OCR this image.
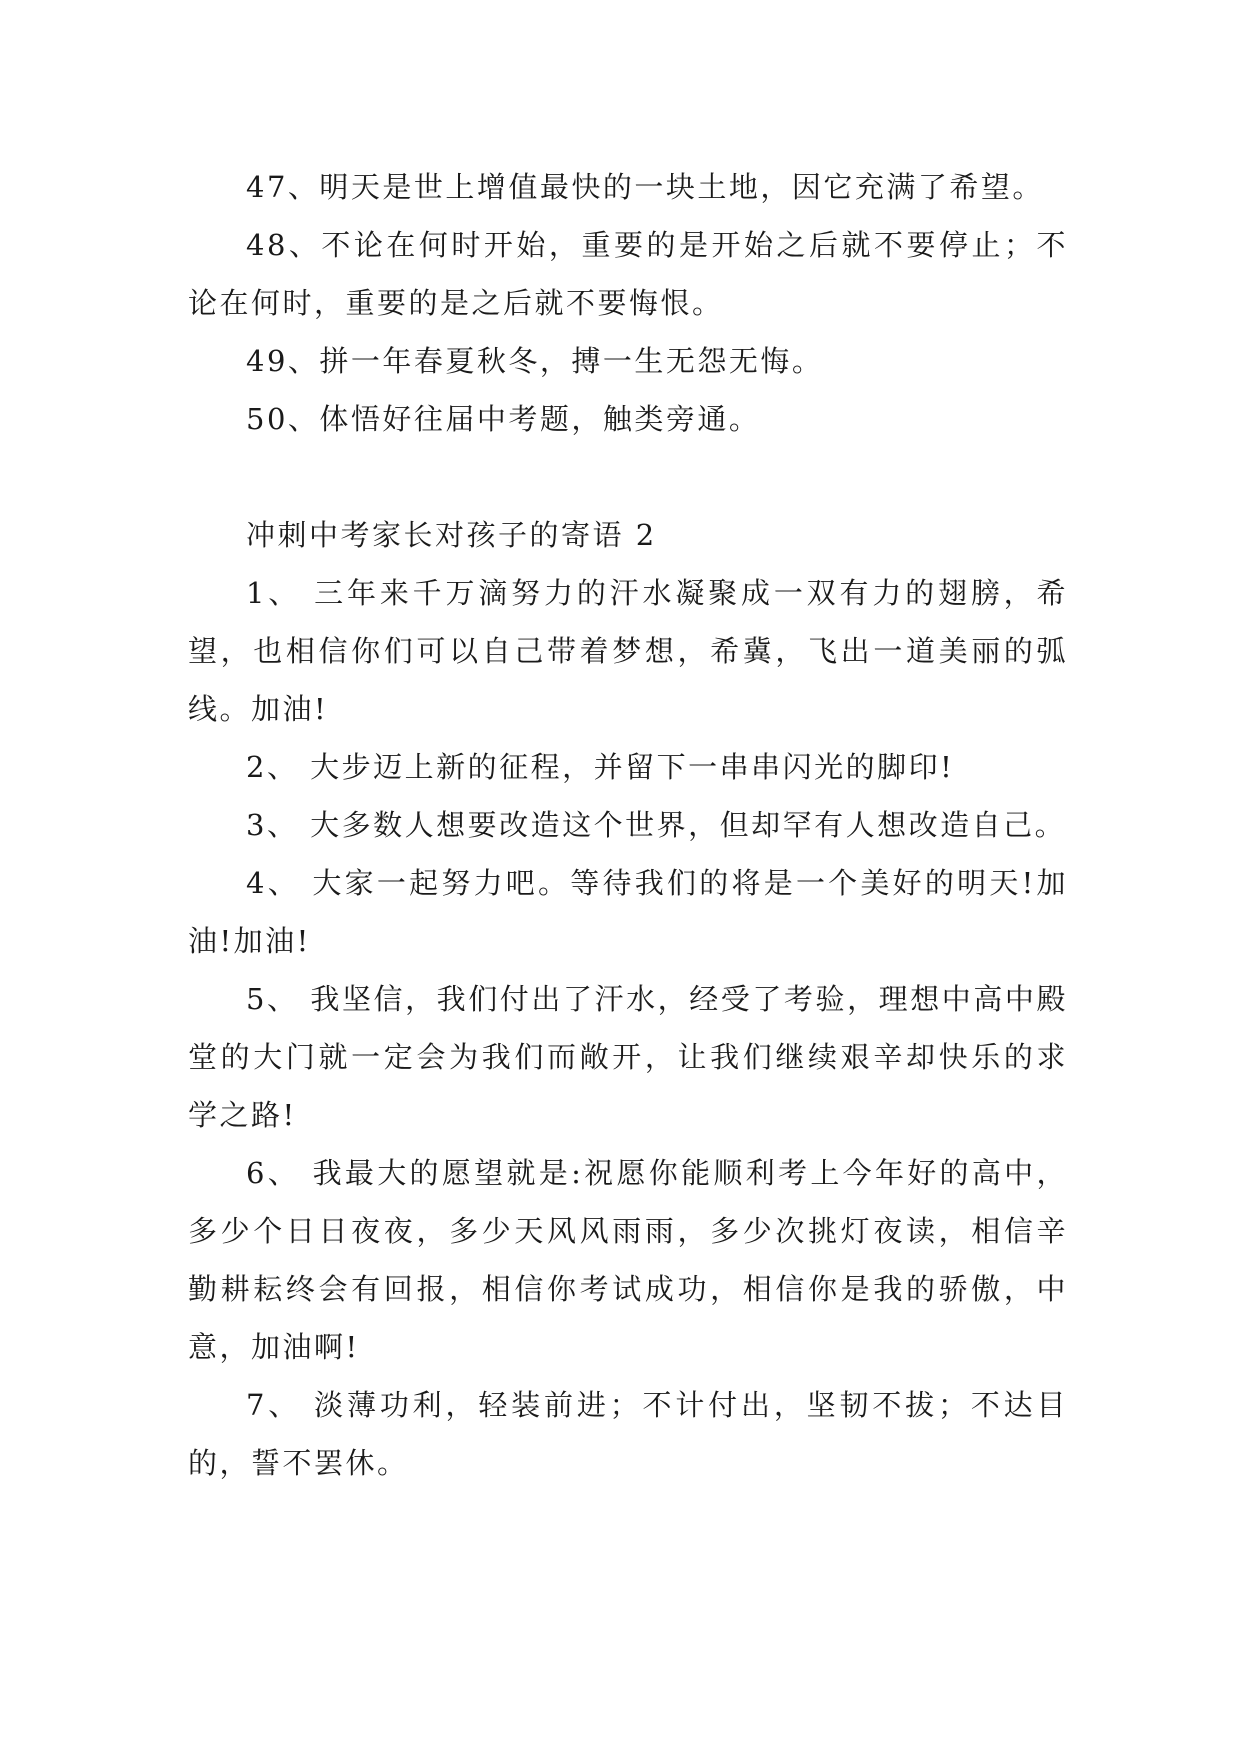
47、明天是世上增值最快的一块土地，因它充满了希望。

48、不论在何时开始，重要的是开始之后就不要停止；不论在何时，重要的是之后就不要悔恨。

49、拼一年春夏秋冬，搏一生无怨无悔。

50、体悟好往届中考题，触类旁通。

冲刺中考家长对孩子的寄语 2

1、 三年来千万滴努力的汗水凝聚成一双有力的翅膀，希望，也相信你们可以自己带着梦想，希冀，飞出一道美丽的弧线。加油!

2、 大步迈上新的征程，并留下一串串闪光的脚印!

3、 大多数人想要改造这个世界，但却罕有人想改造自己。

4、 大家一起努力吧。等待我们的将是一个美好的明天!加油!加油!

5、 我坚信，我们付出了汗水，经受了考验，理想中高中殿堂的大门就一定会为我们而敞开，让我们继续艰辛却快乐的求学之路!

6、 我最大的愿望就是:祝愿你能顺利考上今年好的高中，多少个日日夜夜，多少天风风雨雨，多少次挑灯夜读，相信辛勤耕耘终会有回报，相信你考试成功，相信你是我的骄傲，中意，加油啊!

7、 淡薄功利，轻装前进；不计付出，坚韧不拔；不达目的，誓不罢休。
